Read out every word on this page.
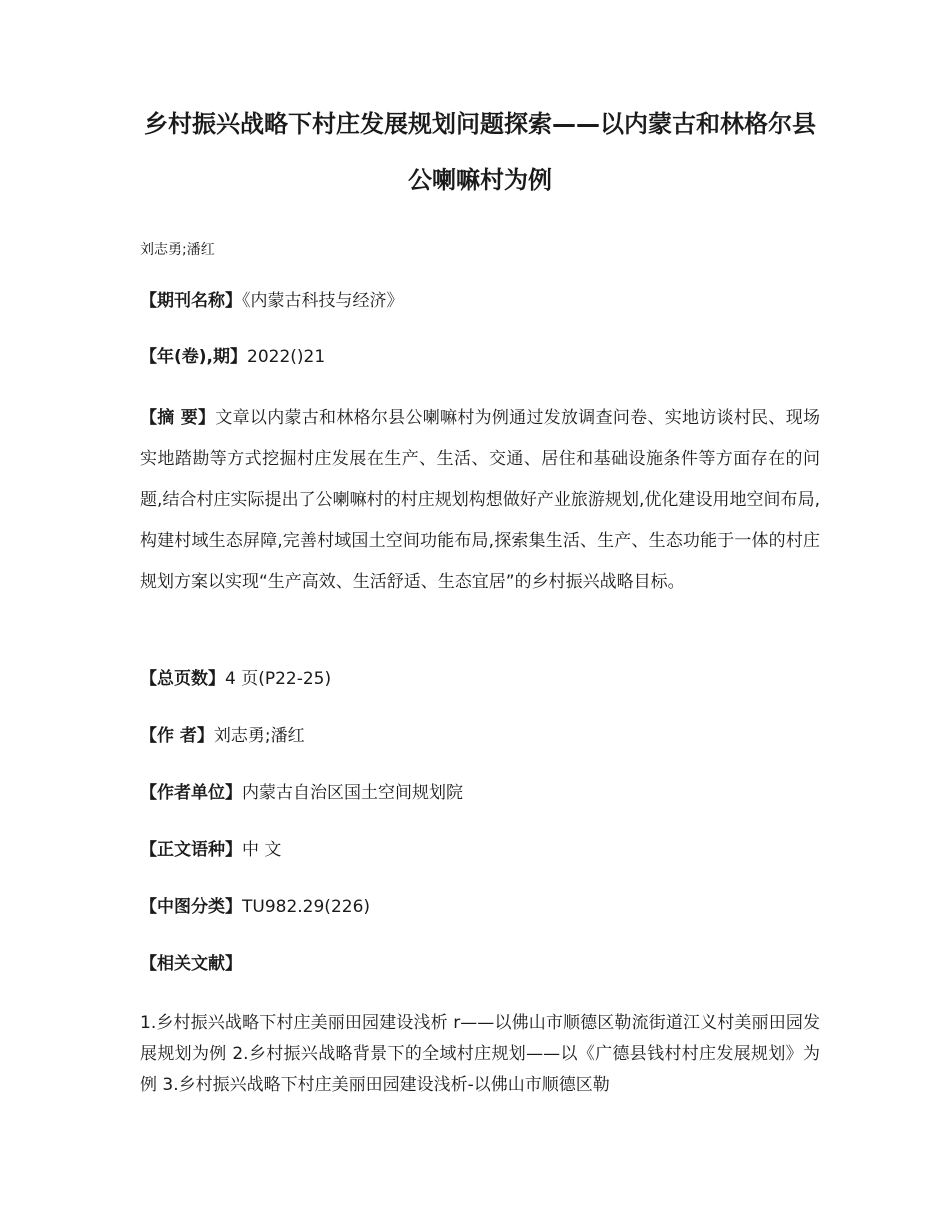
乡村振兴战略下村庄发展规划问题探索——以内蒙古和林格尔县公喇嘛村为例
刘志勇;潘红
【期刊名称】《内蒙古科技与经济》
【年(卷),期】2022()21
【摘 要】文章以内蒙古和林格尔县公喇嘛村为例通过发放调查问卷、实地访谈村民、现场实地踏勘等方式挖掘村庄发展在生产、生活、交通、居住和基础设施条件等方面存在的问题,结合村庄实际提出了公喇嘛村的村庄规划构想做好产业旅游规划,优化建设用地空间布局,构建村域生态屏障,完善村域国土空间功能布局,探索集生活、生产、生态功能于一体的村庄规划方案以实现“生产高效、生活舒适、生态宜居”的乡村振兴战略目标。
【总页数】4 页(P22-25)
【作 者】刘志勇;潘红
【作者单位】内蒙古自治区国土空间规划院
【正文语种】中 文
【中图分类】TU982.29(226)
【相关文献】
1.乡村振兴战略下村庄美丽田园建设浅析 r——以佛山市顺德区勒流街道江义村美丽田园发展规划为例 2.乡村振兴战略背景下的全域村庄规划——以《广德县钱村村庄发展规划》为例 3.乡村振兴战略下村庄美丽田园建设浅析-以佛山市顺德区勒
